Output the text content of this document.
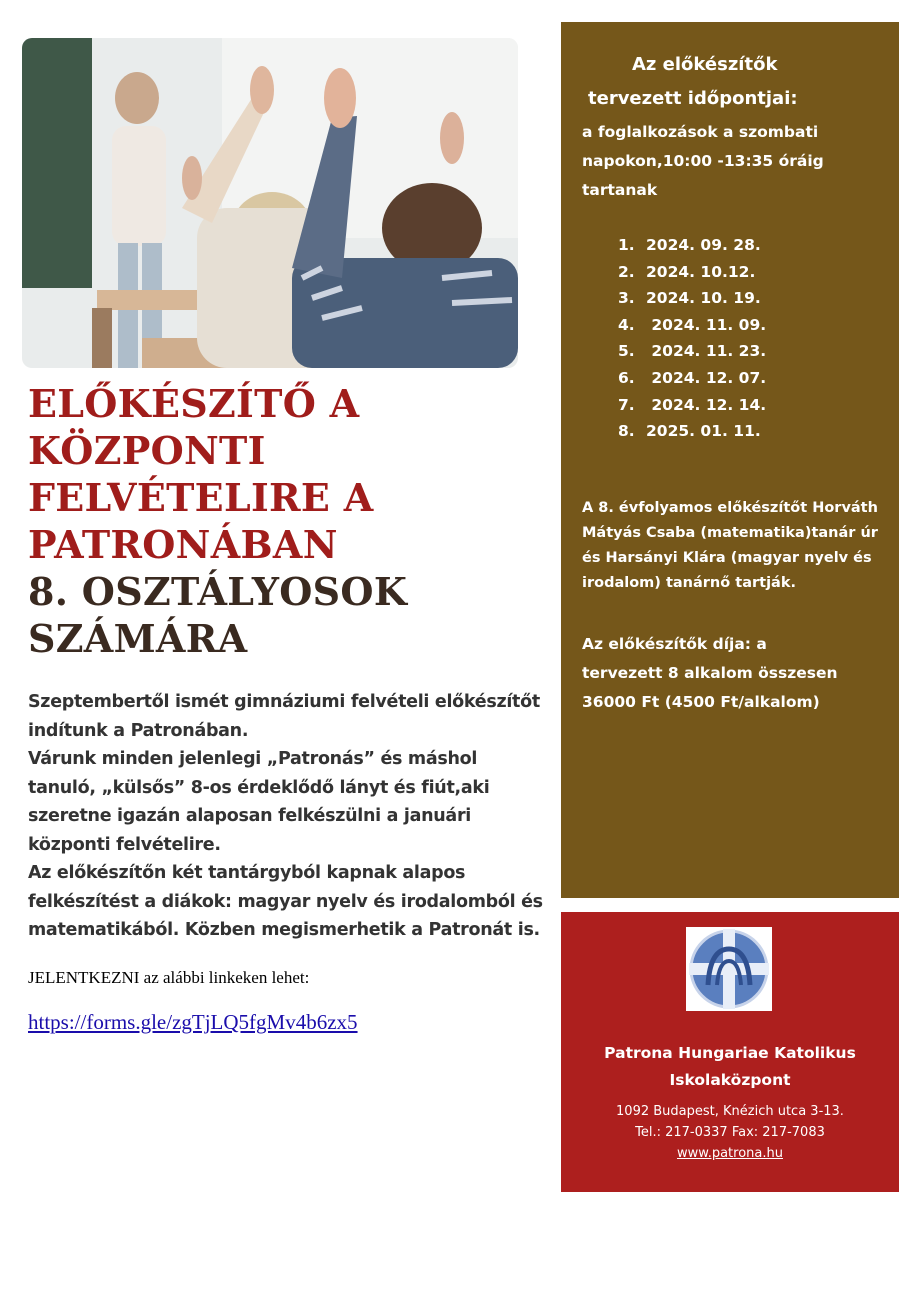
ELŐKÉSZÍTŐ A
KÖZPONTI
FELVÉTELIRE A
PATRONÁBAN
8. OSZTÁLYOSOK
SZÁMÁRA
Szeptembertől ismét gimnáziumi felvételi előkészítőt
indítunk a Patronában.
Várunk minden jelenlegi „Patronás” és máshol
tanuló, „külsős” 8-os érdeklődő lányt és fiút,aki
szeretne igazán alaposan felkészülni a januári
központi felvételire.
Az előkészítőn két tantárgyból kapnak alapos
felkészítést a diákok: magyar nyelv és irodalomból és
matematikából. Közben megismerhetik a Patronát is.
JELENTKEZNI az alábbi linkeken lehet:
https://forms.gle/zgTjLQ5fgMv4b6zx5
Az előkészítők
tervezett időpontjai:
a foglalkozások a szombati
napokon,10:00 -13:35 óráig
tartanak
1. 2024. 09. 28.
2. 2024. 10.12.
3. 2024. 10. 19.
4. 2024. 11. 09.
5. 2024. 11. 23.
6. 2024. 12. 07.
7. 2024. 12. 14.
8. 2025. 01. 11.
A 8. évfolyamos előkészítőt Horváth
Mátyás Csaba (matematika)tanár úr
és Harsányi Klára (magyar nyelv és
irodalom) tanárnő tartják.
Az előkészítők díja: a
tervezett 8 alkalom összesen
36000 Ft (4500 Ft/alkalom)
Patrona Hungariae Katolikus
Iskolaközpont
1092 Budapest, Knézich utca 3-13.
Tel.: 217-0337 Fax: 217-7083
www.patrona.hu
